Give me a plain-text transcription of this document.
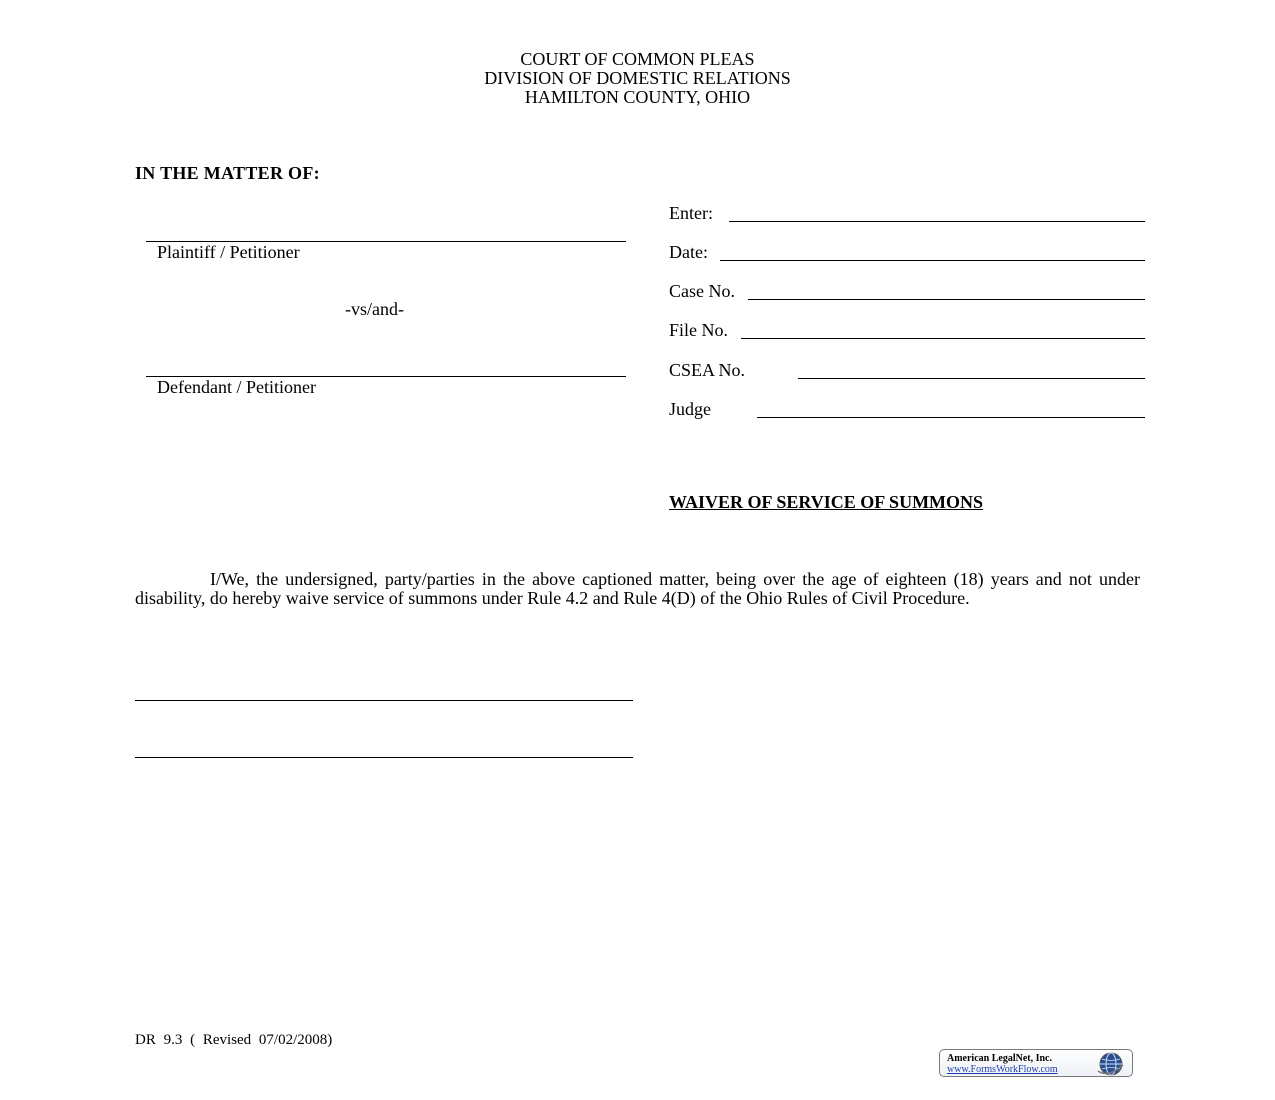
COURT OF COMMON PLEAS
DIVISION OF DOMESTIC RELATIONS
HAMILTON COUNTY, OHIO
IN THE MATTER OF:
Plaintiff / Petitioner
-vs/and-
Defendant / Petitioner
Enter:
Date:
Case No.
File No.
CSEA No.
Judge
WAIVER OF SERVICE OF SUMMONS
I/We, the undersigned, party/parties in the above captioned matter, being over the age of eighteen (18) years and not under disability, do hereby waive service of summons under Rule 4.2 and Rule 4(D) of the Ohio Rules of Civil Procedure.
DR 9.3 ( Revised 07/02/2008)
American LegalNet, Inc.
www.FormsWorkFlow.com
